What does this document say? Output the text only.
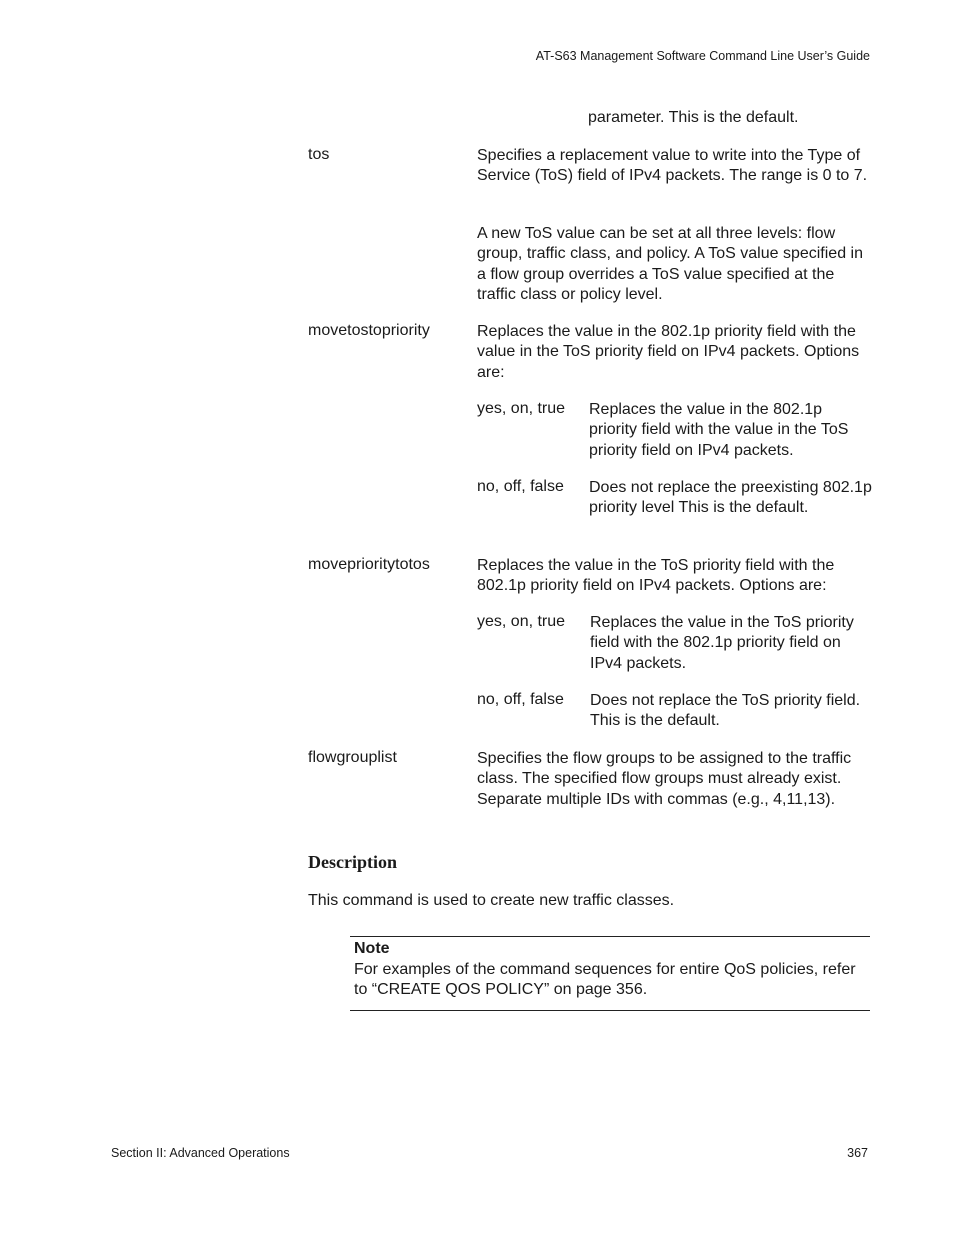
AT-S63 Management Software Command Line User’s Guide
parameter. This is the default.
tos	Specifies a replacement value to write into the Type of Service (ToS) field of IPv4 packets. The range is 0 to 7.
A new ToS value can be set at all three levels: flow group, traffic class, and policy. A ToS value specified in a flow group overrides a ToS value specified at the traffic class or policy level.
movetostopriority	Replaces the value in the 802.1p priority field with the value in the ToS priority field on IPv4 packets. Options are:
yes, on, true Replaces the value in the 802.1p priority field with the value in the ToS priority field on IPv4 packets.
no, off, false Does not replace the preexisting 802.1p priority level This is the default.
moveprioritytotos	Replaces the value in the ToS priority field with the 802.1p priority field on IPv4 packets. Options are:
yes, on, true Replaces the value in the ToS priority field with the 802.1p priority field on IPv4 packets.
no, off, false Does not replace the ToS priority field. This is the default.
flowgrouplist	Specifies the flow groups to be assigned to the traffic class. The specified flow groups must already exist. Separate multiple IDs with commas (e.g., 4,11,13).
Description
This command is used to create new traffic classes.
Note
For examples of the command sequences for entire QoS policies, refer to “CREATE QOS POLICY” on page 356.
Section II: Advanced Operations	367
